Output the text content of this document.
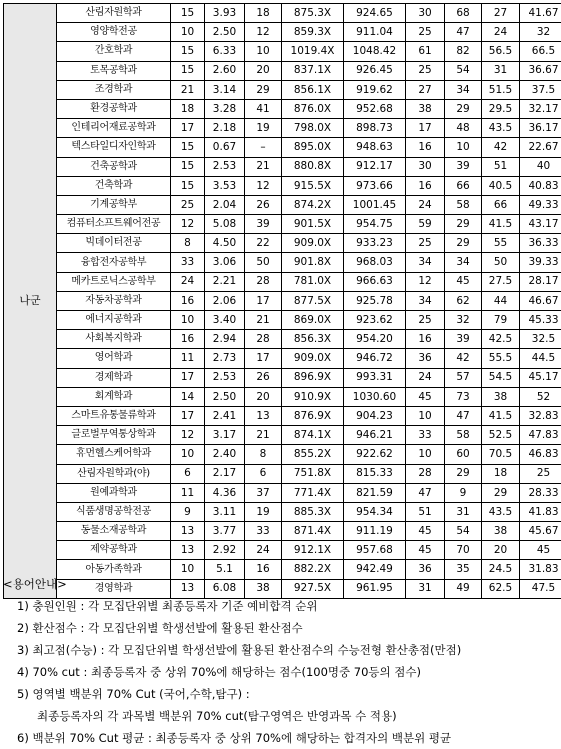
나군	산림자원학과	15	3.93	18	875.3X	924.65	30	68	27	41.67
	영양학전공	10	2.50	12	859.3X	911.04	25	47	24	32
	간호학과	15	6.33	10	1019.4X	1048.42	61	82	56.5	66.5
	토목공학과	15	2.60	20	837.1X	926.45	25	54	31	36.67
	조경학과	21	3.14	29	856.1X	919.62	27	34	51.5	37.5
	환경공학과	18	3.28	41	876.0X	952.68	38	29	29.5	32.17
	인테리어재료공학과	17	2.18	19	798.0X	898.73	17	48	43.5	36.17
	텍스타일디자인학과	15	0.67	–	895.0X	948.63	16	10	42	22.67
	건축공학과	15	2.53	21	880.8X	912.17	30	39	51	40
	건축학과	15	3.53	12	915.5X	973.66	16	66	40.5	40.83
	기계공학부	25	2.04	26	874.2X	1001.45	24	58	66	49.33
	컴퓨터소프트웨어전공	12	5.08	39	901.5X	954.75	59	29	41.5	43.17
	빅데이터전공	8	4.50	22	909.0X	933.23	25	29	55	36.33
	융합전자공학부	33	3.06	50	901.8X	968.03	34	34	50	39.33
	메카트로닉스공학부	24	2.21	28	781.0X	966.63	12	45	27.5	28.17
	자동차공학과	16	2.06	17	877.5X	925.78	34	62	44	46.67
	에너지공학과	10	3.40	21	869.0X	923.62	25	32	79	45.33
	사회복지학과	16	2.94	28	856.3X	954.20	16	39	42.5	32.5
	영어학과	11	2.73	17	909.0X	946.72	36	42	55.5	44.5
	경제학과	17	2.53	26	896.9X	993.31	24	57	54.5	45.17
	회계학과	14	2.50	20	910.9X	1030.60	45	73	38	52
	스마트유통물류학과	17	2.41	13	876.9X	904.23	10	47	41.5	32.83
	글로벌무역통상학과	12	3.17	21	874.1X	946.21	33	58	52.5	47.83
	휴먼헬스케어학과	10	2.40	8	855.2X	922.62	10	60	70.5	46.83
	산림자원학과(야)	6	2.17	6	751.8X	815.33	28	29	18	25
	원예과학과	11	4.36	37	771.4X	821.59	47	9	29	28.33
	식품생명공학전공	9	3.11	19	885.3X	954.34	51	31	43.5	41.83
	동물소재공학과	13	3.77	33	871.4X	911.19	45	54	38	45.67
	제약공학과	13	2.92	24	912.1X	957.68	45	70	20	45
	아동가족학과	10	5.1	16	882.2X	942.49	36	35	24.5	31.83
	경영학과	13	6.08	38	927.5X	961.95	31	49	62.5	47.5

<용어안내>

1) 충원인원 : 각 모집단위별 최종등록자 기준 예비합격 순위

2) 환산점수 : 각 모집단위별 학생선발에 활용된 환산점수

3) 최고점(수능) : 각 모집단위별 학생선발에 활용된 환산점수의 수능전형 환산총점(만점)

4) 70% cut : 최종등록자 중 상위 70%에 해당하는 점수(100명중 70등의 점수)

5) 영역별 백분위 70% Cut (국어,수학,탐구) :

최종등록자의 각 과목별 백분위 70% cut(탐구영역은 반영과목 수 적용)

6) 백분위 70% Cut 평균 : 최종등록자 중 상위 70%에 해당하는 합격자의 백분위 평균
